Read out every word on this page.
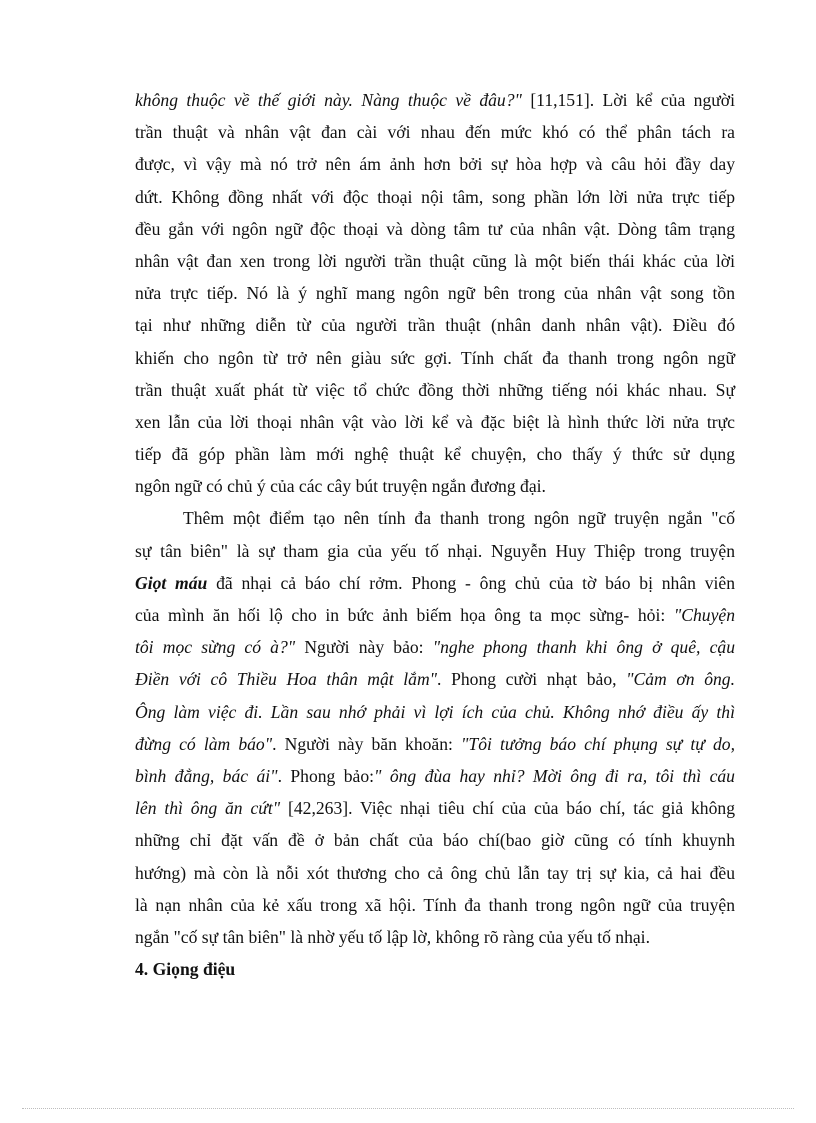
không thuộc về thế giới này. Nàng thuộc về đâu?" [11,151]. Lời kể của người
trần thuật và nhân vật đan cài với nhau đến mức khó có thể phân tách ra
được, vì vậy mà nó trở nên ám ảnh hơn bởi sự hòa hợp và câu hỏi đầy day
dứt. Không đồng nhất với độc thoại nội tâm, song phần lớn lời nửa trực tiếp
đều gắn với ngôn ngữ độc thoại và dòng tâm tư của nhân vật. Dòng tâm trạng
nhân vật đan xen trong lời người trần thuật cũng là một biến thái khác của lời
nửa trực tiếp. Nó là ý nghĩ mang ngôn ngữ bên trong của nhân vật song tồn
tại như những diễn từ của người trần thuật (nhân danh nhân vật). Điều đó
khiến cho ngôn từ trở nên giàu sức gợi. Tính chất đa thanh trong ngôn ngữ
trần thuật xuất phát từ việc tổ chức đồng thời những tiếng nói khác nhau. Sự
xen lẫn của lời thoại nhân vật vào lời kể và đặc biệt là hình thức lời nửa trực
tiếp đã góp phần làm mới nghệ thuật kể chuyện, cho thấy ý thức sử dụng
ngôn ngữ có chủ ý của các cây bút truyện ngắn đương đại.
Thêm một điểm tạo nên tính đa thanh trong ngôn ngữ truyện ngắn "cố
sự tân biên" là sự tham gia của yếu tố nhại. Nguyễn Huy Thiệp trong truyện
Giọt máu đã nhại cả báo chí rởm. Phong - ông chủ của tờ báo bị nhân viên
của mình ăn hối lộ cho in bức ảnh biếm họa ông ta mọc sừng- hỏi: "Chuyện
tôi mọc sừng có à?" Người này bảo: "nghe phong thanh khi ông ở quê, cậu
Điền với cô Thiều Hoa thân mật lắm". Phong cười nhạt bảo, "Cảm ơn ông.
Ông làm việc đi. Lần sau nhớ phải vì lợi ích của chủ. Không nhớ điều ấy thì
đừng có làm báo". Người này băn khoăn: "Tôi tưởng báo chí phụng sự tự do,
bình đẳng, bác ái". Phong bảo:" ông đùa hay nhỉ? Mời ông đi ra, tôi thì cáu
lên thì ông ăn cứt" [42,263]. Việc nhại tiêu chí của của báo chí, tác giả không
những chỉ đặt vấn đề ở bản chất của báo chí(bao giờ cũng có tính khuynh
hướng) mà còn là nỗi xót thương cho cả ông chủ lẫn tay trị sự kia, cả hai đều
là nạn nhân của kẻ xấu trong xã hội. Tính đa thanh trong ngôn ngữ của truyện
ngắn "cố sự tân biên" là nhờ yếu tố lập lờ, không rõ ràng của yếu tố nhại.
4. Giọng điệu
